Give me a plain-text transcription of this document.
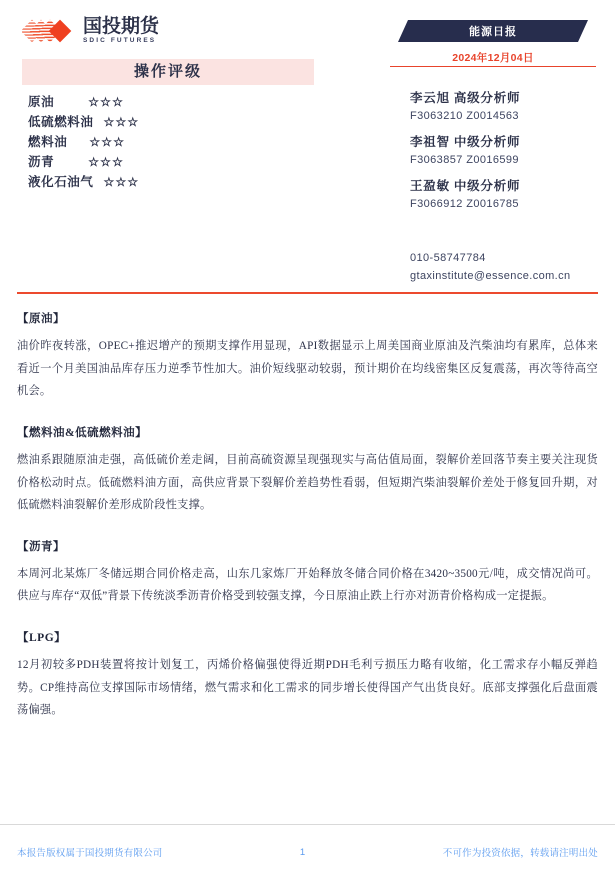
国投期货
SDIC FUTURES
操作评级
原油	☆☆☆
低硫燃料油 ☆☆☆
燃料油 ☆☆☆
沥青	☆☆☆
液化石油气 ☆☆☆
能源日报
2024年12月04日
李云旭 高级分析师
F3063210 Z0014563
李祖智 中级分析师
F3063857 Z0016599
王盈敏 中级分析师
F3066912 Z0016785
010-58747784
gtaxinstitute@essence.com.cn
【原油】
油价昨夜转涨，OPEC+推迟增产的预期支撑作用显现，API数据显示上周美国商业原油及汽柴油均有累库，总体来看近一个月美国油品库存压力逆季节性加大。油价短线驱动较弱，预计期价在均线密集区反复震荡，再次等待高空机会。
【燃料油&低硫燃料油】
燃油系跟随原油走强，高低硫价差走阔，目前高硫资源呈现强现实与高估值局面，裂解价差回落节奏主要关注现货价格松动时点。低硫燃料油方面，高供应背景下裂解价差趋势性看弱，但短期汽柴油裂解价差处于修复回升期，对低硫燃料油裂解价差形成阶段性支撑。
【沥青】
本周河北某炼厂冬储远期合同价格走高，山东几家炼厂开始释放冬储合同价格在3420~3500元/吨，成交情况尚可。供应与库存“双低”背景下传统淡季沥青价格受到较强支撑，今日原油止跌上行亦对沥青价格构成一定提振。
【LPG】
12月初较多PDH装置将按计划复工，丙烯价格偏强使得近期PDH毛利亏损压力略有收缩，化工需求存小幅反弹趋势。CP维持高位支撑国际市场情绪，燃气需求和化工需求的同步增长使得国产气出货良好。底部支撑强化后盘面震荡偏强。
本报告版权属于国投期货有限公司	1	不可作为投资依据，转载请注明出处
